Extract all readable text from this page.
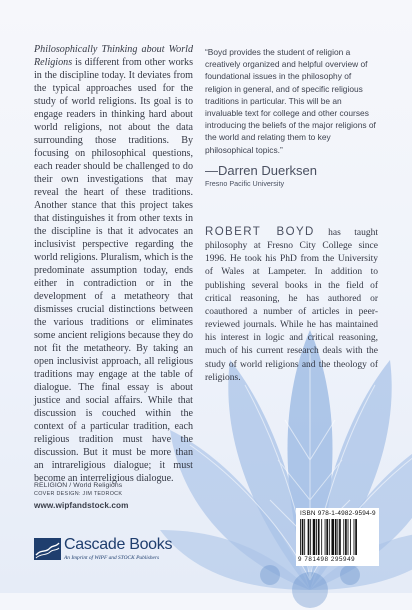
Philosophically Thinking about World Religions is different from other works in the discipline today. It deviates from the typical approaches used for the study of world religions. Its goal is to engage readers in thinking hard about world religions, not about the data surrounding those traditions. By focusing on philosophical questions, each reader should be challenged to do their own investigations that may reveal the heart of these traditions. Another stance that this project takes that distinguishes it from other texts in the discipline is that it advocates an inclusivist perspective regarding the world religions. Pluralism, which is the predominate assumption today, ends either in contradiction or in the development of a metatheory that dismisses crucial distinctions between the various traditions or eliminates some ancient religions because they do not fit the metatheory. By taking an open inclusivist approach, all religious traditions may engage at the table of dialogue. The final essay is about justice and social affairs. While that discussion is couched within the context of a particular tradition, each religious tradition must have the discussion. But it must be more than an intrareligious dialogue; it must become an interreligious dialogue.
“Boyd provides the student of religion a creatively organized and helpful overview of foundational issues in the philosophy of religion in general, and of specific religious traditions in particular. This will be an invaluable text for college and other courses introducing the beliefs of the major religions of the world and relating them to key philosophical topics.”
—Darren Duerksen
Fresno Pacific University
ROBERT BOYD has taught philosophy at Fresno City College since 1996. He took his PhD from the University of Wales at Lampeter. In addition to publishing several books in the field of critical reasoning, he has authored or coauthored a number of articles in peer-reviewed journals. While he has maintained his interest in logic and critical reasoning, much of his current research deals with the study of world religions and the theology of religions.
RELIGION / World Religions
COVER DESIGN: JIM TEDROCK
www.wipfandstock.com
Cascade Books
An Imprint of WIPF and STOCK Publishers
ISBN 978-1-4982-9594-9
9 781498 295949
